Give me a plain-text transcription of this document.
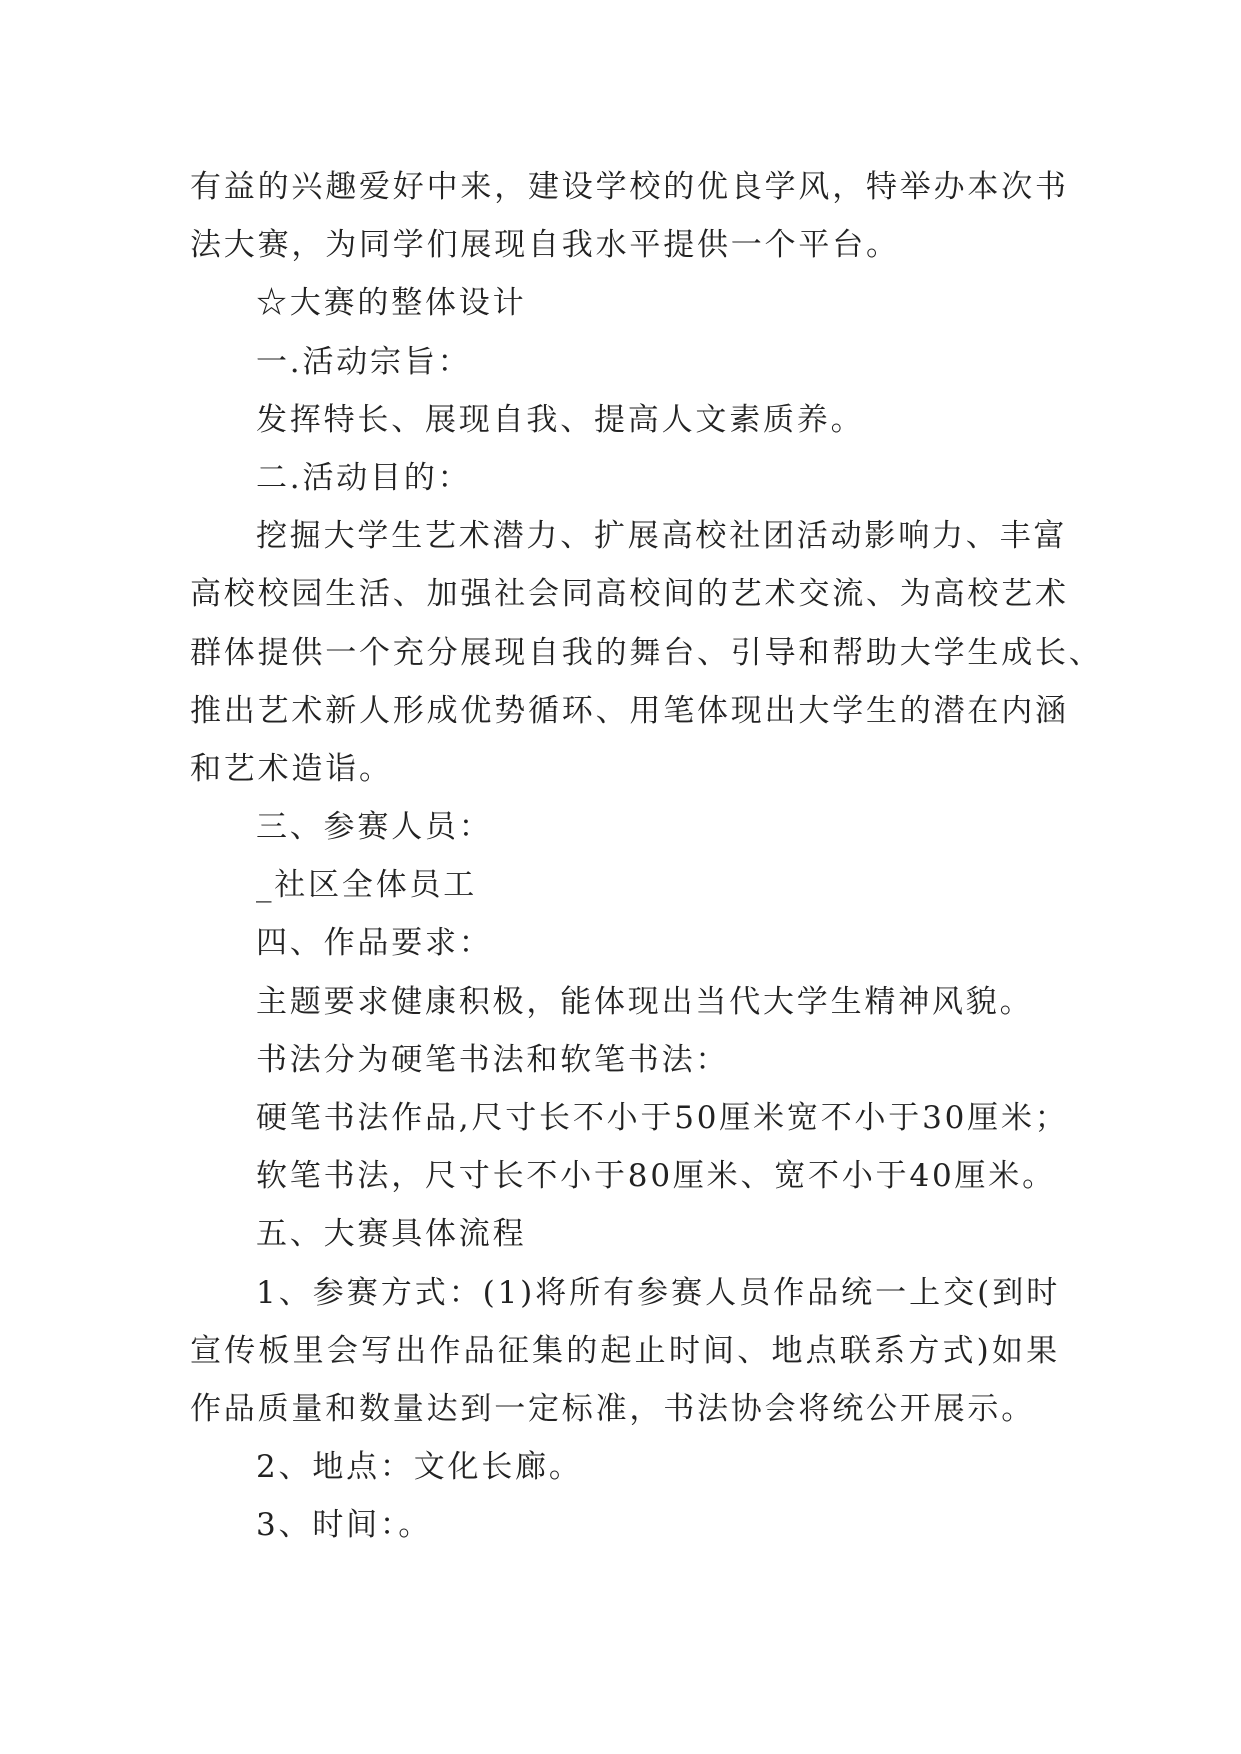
有益的兴趣爱好中来，建设学校的优良学风，特举办本次书
法大赛，为同学们展现自我水平提供一个平台。
☆大赛的整体设计
一.活动宗旨：
发挥特长、展现自我、提高人文素质养。
二.活动目的：
挖掘大学生艺术潜力、扩展高校社团活动影响力、丰富
高校校园生活、加强社会同高校间的艺术交流、为高校艺术
群体提供一个充分展现自我的舞台、引导和帮助大学生成长、
推出艺术新人形成优势循环、用笔体现出大学生的潜在内涵
和艺术造诣。
三、参赛人员：
_社区全体员工
四、作品要求：
主题要求健康积极，能体现出当代大学生精神风貌。
书法分为硬笔书法和软笔书法：
硬笔书法作品,尺寸长不小于50厘米宽不小于30厘米；
软笔书法，尺寸长不小于80厘米、宽不小于40厘米。
五、大赛具体流程
1、参赛方式：(1)将所有参赛人员作品统一上交(到时
宣传板里会写出作品征集的起止时间、地点联系方式)如果
作品质量和数量达到一定标准，书法协会将统公开展示。
2、地点：文化长廊。
3、时间：。
